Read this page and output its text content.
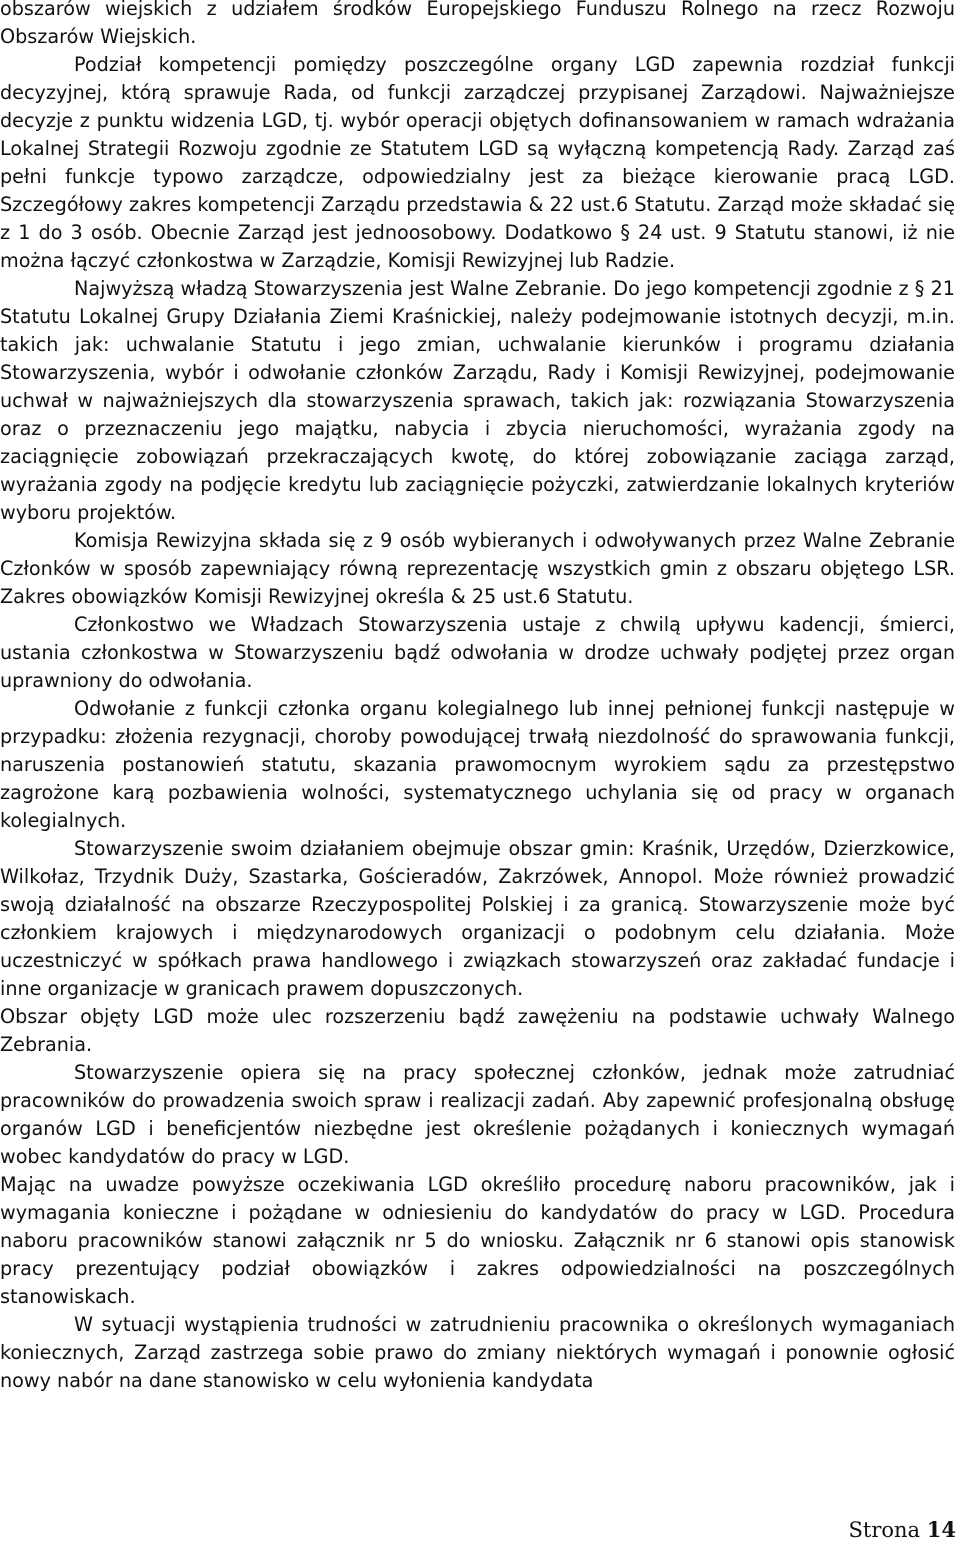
obszarów wiejskich z udziałem środków Europejskiego Funduszu Rolnego na rzecz Rozwoju Obszarów Wiejskich.

Podział kompetencji pomiędzy poszczególne organy LGD zapewnia rozdział funkcji decyzyjnej, którą sprawuje Rada, od funkcji zarządczej przypisanej Zarządowi. Najważniejsze decyzje z punktu widzenia LGD, tj. wybór operacji objętych dofinansowaniem w ramach wdrażania Lokalnej Strategii Rozwoju zgodnie ze Statutem LGD są wyłączną kompetencją Rady. Zarząd zaś pełni funkcje typowo zarządcze, odpowiedzialny jest za bieżące kierowanie pracą LGD. Szczegółowy zakres kompetencji Zarządu przedstawia & 22 ust.6 Statutu. Zarząd może składać się z 1 do 3 osób. Obecnie Zarząd jest jednoosobowy. Dodatkowo § 24 ust. 9 Statutu stanowi, iż nie można łączyć członkostwa w Zarządzie, Komisji Rewizyjnej lub Radzie.

Najwyższą władzą Stowarzyszenia jest Walne Zebranie. Do jego kompetencji zgodnie z § 21 Statutu Lokalnej Grupy Działania Ziemi Kraśnickiej, należy podejmowanie istotnych decyzji, m.in. takich jak: uchwalanie Statutu i jego zmian, uchwalanie kierunków i programu działania Stowarzyszenia, wybór i odwołanie członków Zarządu, Rady i Komisji Rewizyjnej, podejmowanie uchwał w najważniejszych dla stowarzyszenia sprawach, takich jak: rozwiązania Stowarzyszenia oraz o przeznaczeniu jego majątku, nabycia i zbycia nieruchomości, wyrażania zgody na zaciągnięcie zobowiązań przekraczających kwotę, do której zobowiązanie zaciąga zarząd, wyrażania zgody na podjęcie kredytu lub zaciągnięcie pożyczki, zatwierdzanie lokalnych kryteriów wyboru projektów.

Komisja Rewizyjna składa się z 9 osób wybieranych i odwoływanych przez Walne Zebranie Członków w sposób zapewniający równą reprezentację wszystkich gmin z obszaru objętego LSR. Zakres obowiązków Komisji Rewizyjnej określa & 25 ust.6 Statutu.

Członkostwo we Władzach Stowarzyszenia ustaje z chwilą upływu kadencji, śmierci, ustania członkostwa w Stowarzyszeniu bądź odwołania w drodze uchwały podjętej przez organ uprawniony do odwołania.

Odwołanie z funkcji członka organu kolegialnego lub innej pełnionej funkcji następuje w przypadku: złożenia rezygnacji, choroby powodującej trwałą niezdolność do sprawowania funkcji, naruszenia postanowień statutu, skazania prawomocnym wyrokiem sądu za przestępstwo zagrożone karą pozbawienia wolności, systematycznego uchylania się od pracy w organach kolegialnych.

Stowarzyszenie swoim działaniem obejmuje obszar gmin: Kraśnik, Urzędów, Dzierzkowice, Wilkołaz, Trzydnik Duży, Szastarka, Gościeradów, Zakrzówek, Annopol. Może również prowadzić swoją działalność na obszarze Rzeczypospolitej Polskiej i za granicą. Stowarzyszenie może być członkiem krajowych i międzynarodowych organizacji o podobnym celu działania. Może uczestniczyć w spółkach prawa handlowego i związkach stowarzyszeń oraz zakładać fundacje i inne organizacje w granicach prawem dopuszczonych.

Obszar objęty LGD może ulec rozszerzeniu bądź zawężeniu na podstawie uchwały Walnego Zebrania.

Stowarzyszenie opiera się na pracy społecznej członków, jednak może zatrudniać pracowników do prowadzenia swoich spraw i realizacji zadań. Aby zapewnić profesjonalną obsługę organów LGD i beneficjentów niezbędne jest określenie pożądanych i koniecznych wymagań wobec kandydatów do pracy w LGD.

Mając na uwadze powyższe oczekiwania LGD określiło procedurę naboru pracowników, jak i wymagania konieczne i pożądane w odniesieniu do kandydatów do pracy w LGD. Procedura naboru pracowników stanowi załącznik nr 5 do wniosku. Załącznik nr 6 stanowi opis stanowisk pracy prezentujący podział obowiązków i zakres odpowiedzialności na poszczególnych stanowiskach.

W sytuacji wystąpienia trudności w zatrudnieniu pracownika o określonych wymaganiach koniecznych, Zarząd zastrzega sobie prawo do zmiany niektórych wymagań i ponownie ogłosić nowy nabór na dane stanowisko w celu wyłonienia kandydata

Strona 14
